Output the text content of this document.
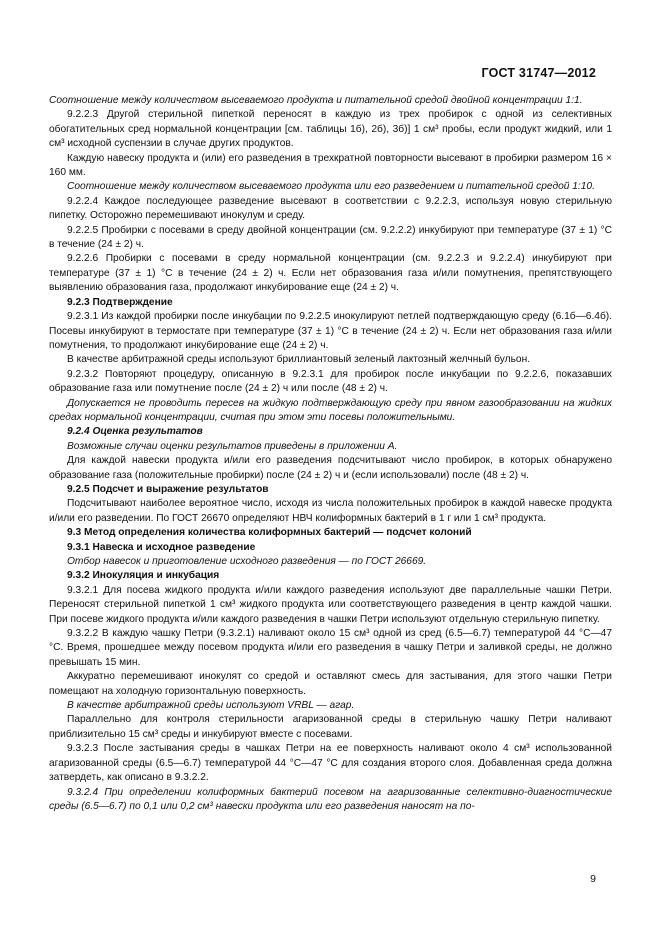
ГОСТ 31747—2012

Соотношение между количеством высеваемого продукта и питательной средой двойной концентрации 1:1.

9.2.2.3 Другой стерильной пипеткой переносят в каждую из трех пробирок с одной из селективных обогатительных сред нормальной концентрации [см. таблицы 1б), 2б), 3б)] 1 см³ пробы, если продукт жидкий, или 1 см³ исходной суспензии в случае других продуктов.

Каждую навеску продукта и (или) его разведения в трехкратной повторности высевают в пробирки размером 16 × 160 мм.

Соотношение между количеством высеваемого продукта или его разведением и питательной средой 1:10.

9.2.2.4 Каждое последующее разведение высевают в соответствии с 9.2.2.3, используя новую стерильную пипетку. Осторожно перемешивают инокулум и среду.

9.2.2.5 Пробирки с посевами в среду двойной концентрации (см. 9.2.2.2) инкубируют при температуре (37 ± 1) °С в течение (24 ± 2) ч.

9.2.2.6 Пробирки с посевами в среду нормальной концентрации (см. 9.2.2.3 и 9.2.2.4) инкубируют при температуре (37 ± 1) °С в течение (24 ± 2) ч. Если нет образования газа и/или помутнения, препятствующего выявлению образования газа, продолжают инкубирование еще (24 ± 2) ч.

9.2.3 Подтверждение

9.2.3.1 Из каждой пробирки после инкубации по 9.2.2.5 инокулируют петлей подтверждающую среду (6.1б—6.4б). Посевы инкубируют в термостате при температуре (37 ± 1) °С в течение (24 ± 2) ч. Если нет образования газа и/или помутнения, то продолжают инкубирование еще (24 ± 2) ч.

В качестве арбитражной среды используют бриллиантовый зеленый лактозный желчный бульон.

9.2.3.2 Повторяют процедуру, описанную в 9.2.3.1 для пробирок после инкубации по 9.2.2.6, показавших образование газа или помутнение после (24 ± 2) ч или после (48 ± 2) ч.

Допускается не проводить пересев на жидкую подтверждающую среду при явном газообразовании на жидких средах нормальной концентрации, считая при этом эти посевы положительными.

9.2.4 Оценка результатов

Возможные случаи оценки результатов приведены в приложении А.

Для каждой навески продукта и/или его разведения подсчитывают число пробирок, в которых обнаружено образование газа (положительные пробирки) после (24 ± 2) ч и (если использовали) после (48 ± 2) ч.

9.2.5 Подсчет и выражение результатов

Подсчитывают наиболее вероятное число, исходя из числа положительных пробирок в каждой навеске продукта и/или его разведении. По ГОСТ 26670 определяют НВЧ колиформных бактерий в 1 г или 1 см³ продукта.

9.3 Метод определения количества колиформных бактерий — подсчет колоний

9.3.1 Навеска и исходное разведение

Отбор навесок и приготовление исходного разведения — по ГОСТ 26669.

9.3.2 Инокуляция и инкубация

9.3.2.1 Для посева жидкого продукта и/или каждого разведения используют две параллельные чашки Петри. Переносят стерильной пипеткой 1 см³ жидкого продукта или соответствующего разведения в центр каждой чашки. При посеве жидкого продукта и/или каждого разведения в чашки Петри используют отдельную стерильную пипетку.

9.3.2.2 В каждую чашку Петри (9.3.2.1) наливают около 15 см³ одной из сред (6.5—6.7) температурой 44 °С—47 °С. Время, прошедшее между посевом продукта и/или его разведения в чашку Петри и заливкой среды, не должно превышать 15 мин.

Аккуратно перемешивают инокулят со средой и оставляют смесь для застывания, для этого чашки Петри помещают на холодную горизонтальную поверхность.

В качестве арбитражной среды используют VRBL — агар.

Параллельно для контроля стерильности агаризованной среды в стерильную чашку Петри наливают приблизительно 15 см³ среды и инкубируют вместе с посевами.

9.3.2.3 После застывания среды в чашках Петри на ее поверхность наливают около 4 см³ использованной агаризованной среды (6.5—6.7) температурой 44 °С—47 °С для создания второго слоя. Добавленная среда должна затвердеть, как описано в 9.3.2.2.

9.3.2.4 При определении колиформных бактерий посевом на агаризованные селективно-диагностические среды (6.5—6.7) по 0,1 или 0,2 см³ навески продукта или его разведения наносят на по-

9
